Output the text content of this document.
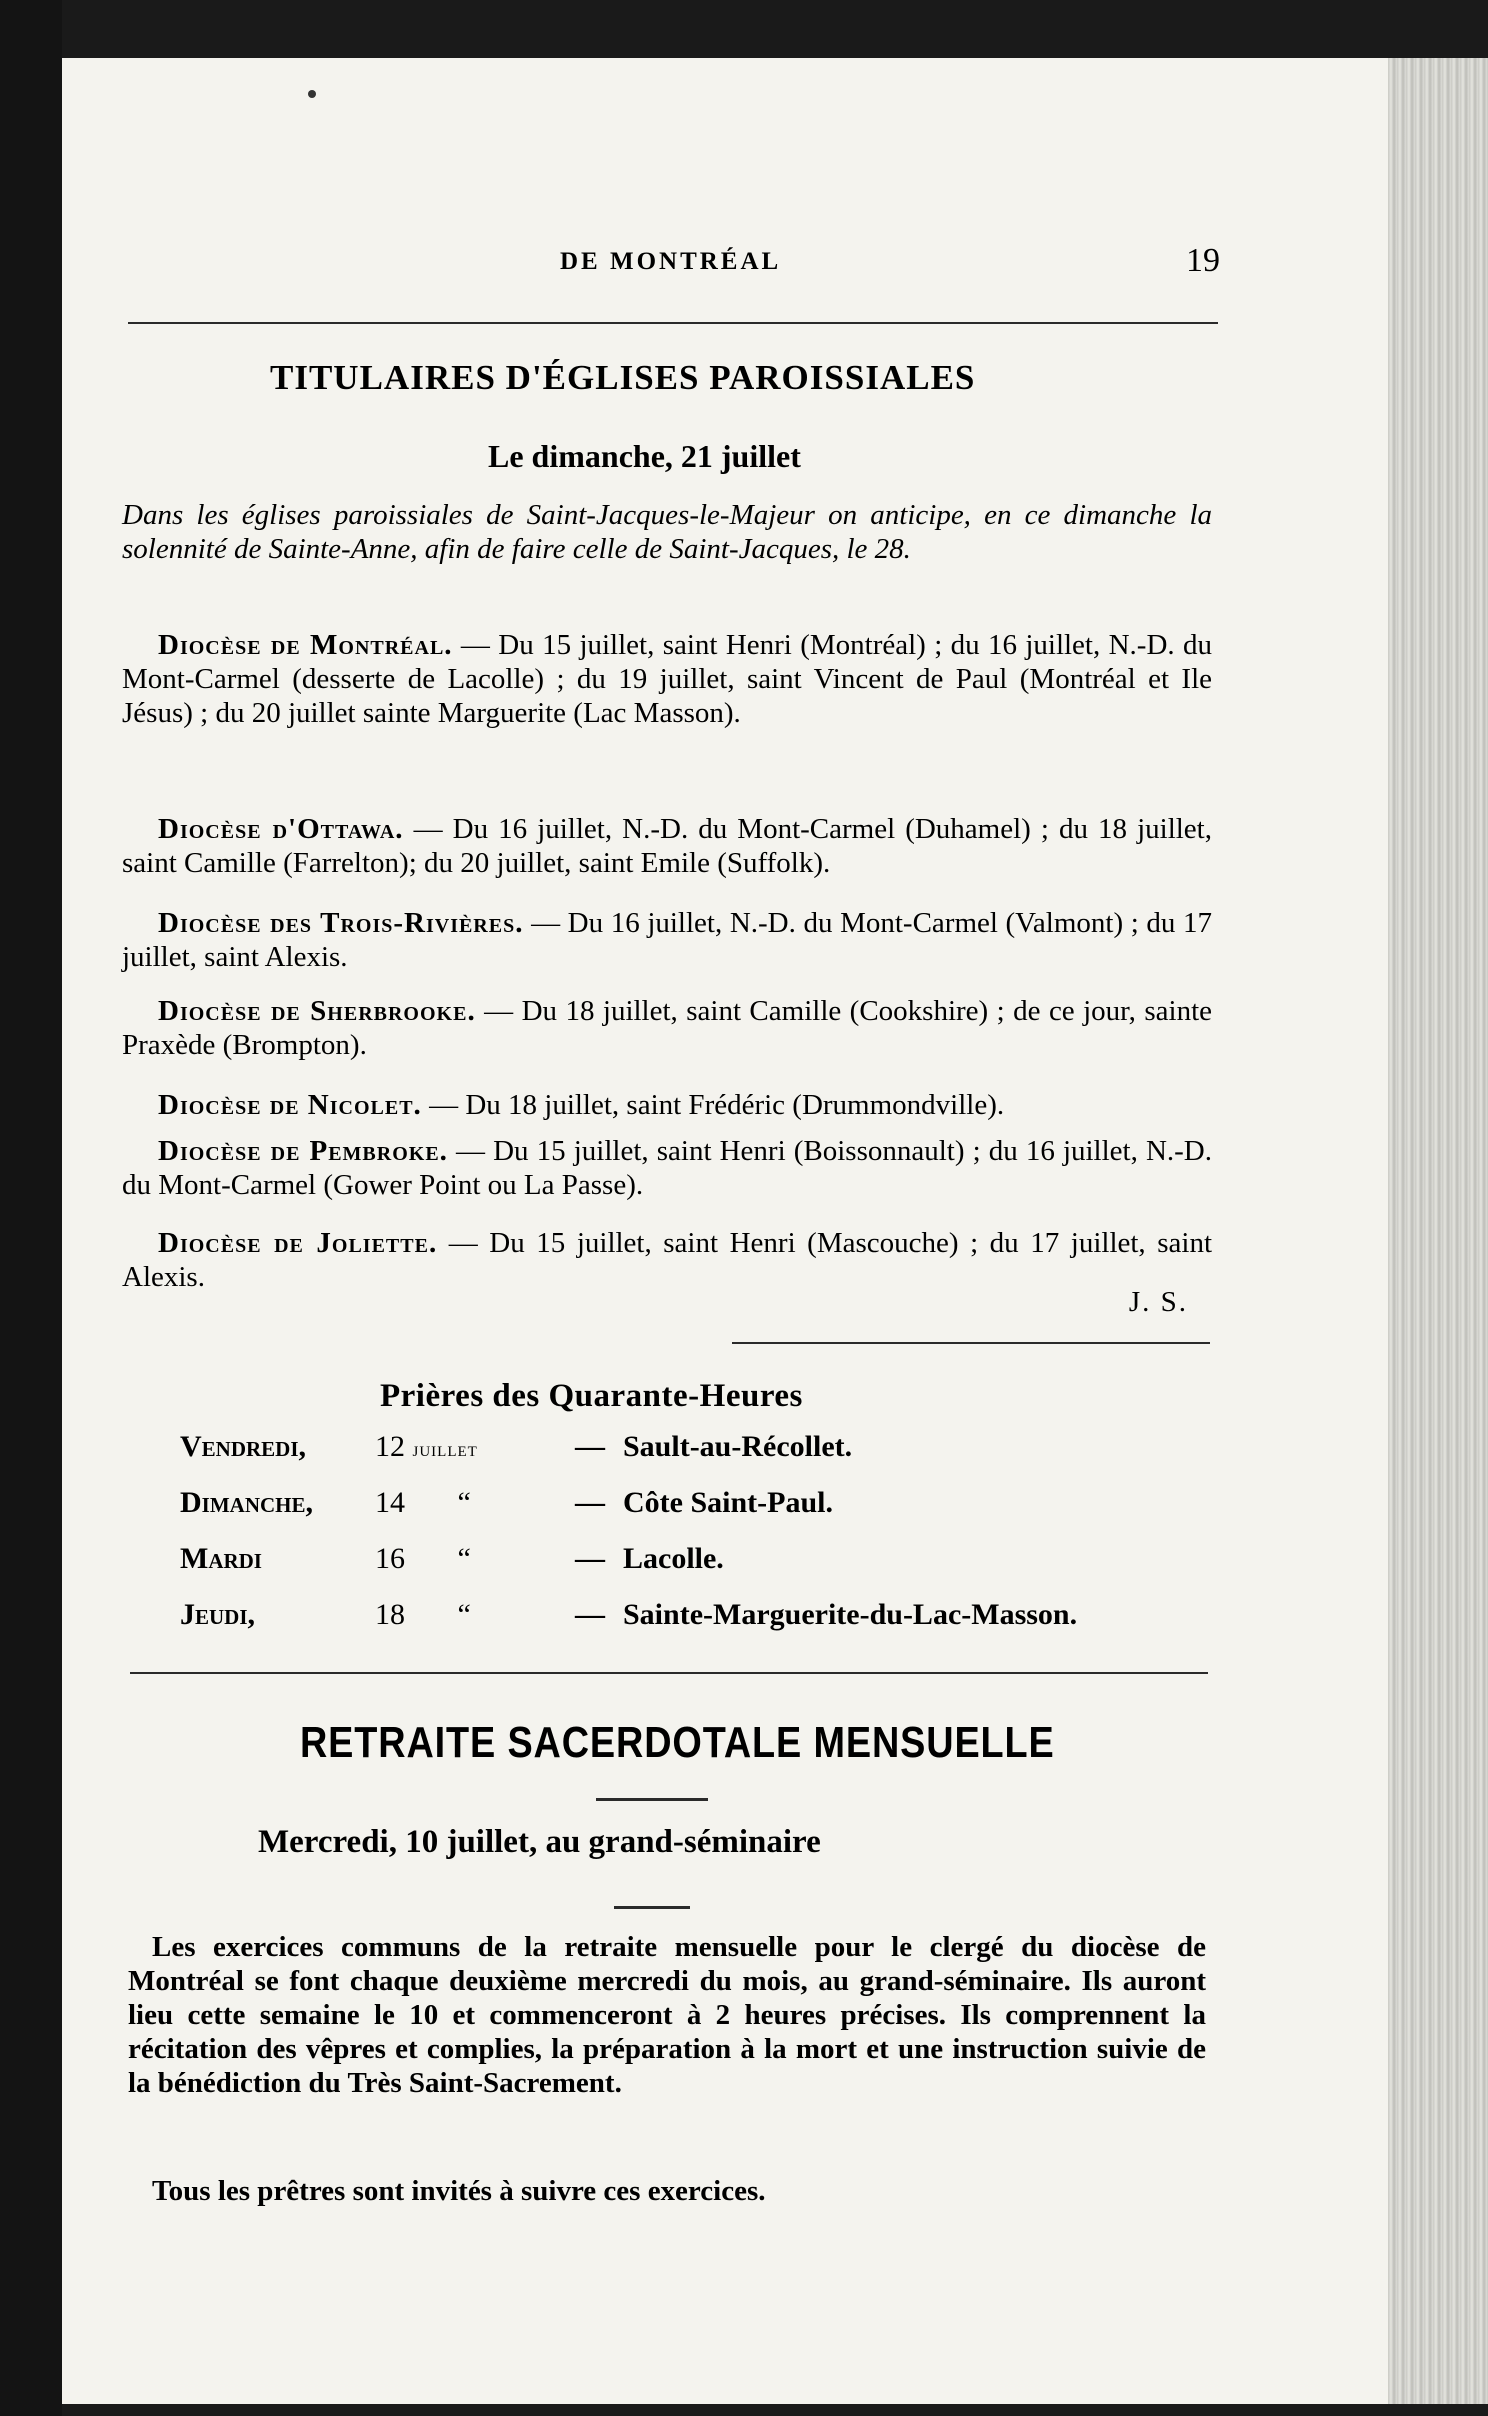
DE MONTRÉAL	19
TITULAIRES D'ÉGLISES PAROISSIALES
Le dimanche, 21 juillet

Dans les églises paroissiales de Saint-Jacques-le-Majeur on anticipe, en ce dimanche la solennité de Sainte-Anne, afin de faire celle de Saint-Jacques, le 28.

Diocèse de Montréal. — Du 15 juillet, saint Henri (Montréal) ; du 16 juillet, N.-D. du Mont-Carmel (desserte de Lacolle) ; du 19 juillet, saint Vincent de Paul (Montréal et Ile Jésus) ; du 20 juillet sainte Marguerite (Lac Masson).

Diocèse d'Ottawa. — Du 16 juillet, N.-D. du Mont-Carmel (Duhamel) ; du 18 juillet, saint Camille (Farrelton); du 20 juillet, saint Emile (Suffolk).

Diocèse des Trois-Rivières. — Du 16 juillet, N.-D. du Mont-Carmel (Valmont) ; du 17 juillet, saint Alexis.

Diocèse de Sherbrooke. — Du 18 juillet, saint Camille (Cookshire) ; de ce jour, sainte Praxède (Brompton).

Diocèse de Nicolet. — Du 18 juillet, saint Frédéric (Drummondville).

Diocèse de Pembroke. — Du 15 juillet, saint Henri (Boissonnault) ; du 16 juillet, N.-D. du Mont-Carmel (Gower Point ou La Passe).

Diocèse de Joliette. — Du 15 juillet, saint Henri (Mascouche) ; du 17 juillet, saint Alexis.

J. S.
Prières des Quarante-Heures
Vendredi,	12 juillet	—	Sault-au-Récollet.
Dimanche,	14 “	—	Côte Saint-Paul.
Mardi	16 “	—	Lacolle.
Jeudi,	18 “	—	Sainte-Marguerite-du-Lac-Masson.
RETRAITE SACERDOTALE MENSUELLE
Mercredi, 10 juillet, au grand-séminaire

Les exercices communs de la retraite mensuelle pour le clergé du diocèse de Montréal se font chaque deuxième mercredi du mois, au grand-séminaire. Ils auront lieu cette semaine le 10 et commenceront à 2 heures précises. Ils comprennent la récitation des vêpres et complies, la préparation à la mort et une instruction suivie de la bénédiction du Très Saint-Sacrement.

Tous les prêtres sont invités à suivre ces exercices.
